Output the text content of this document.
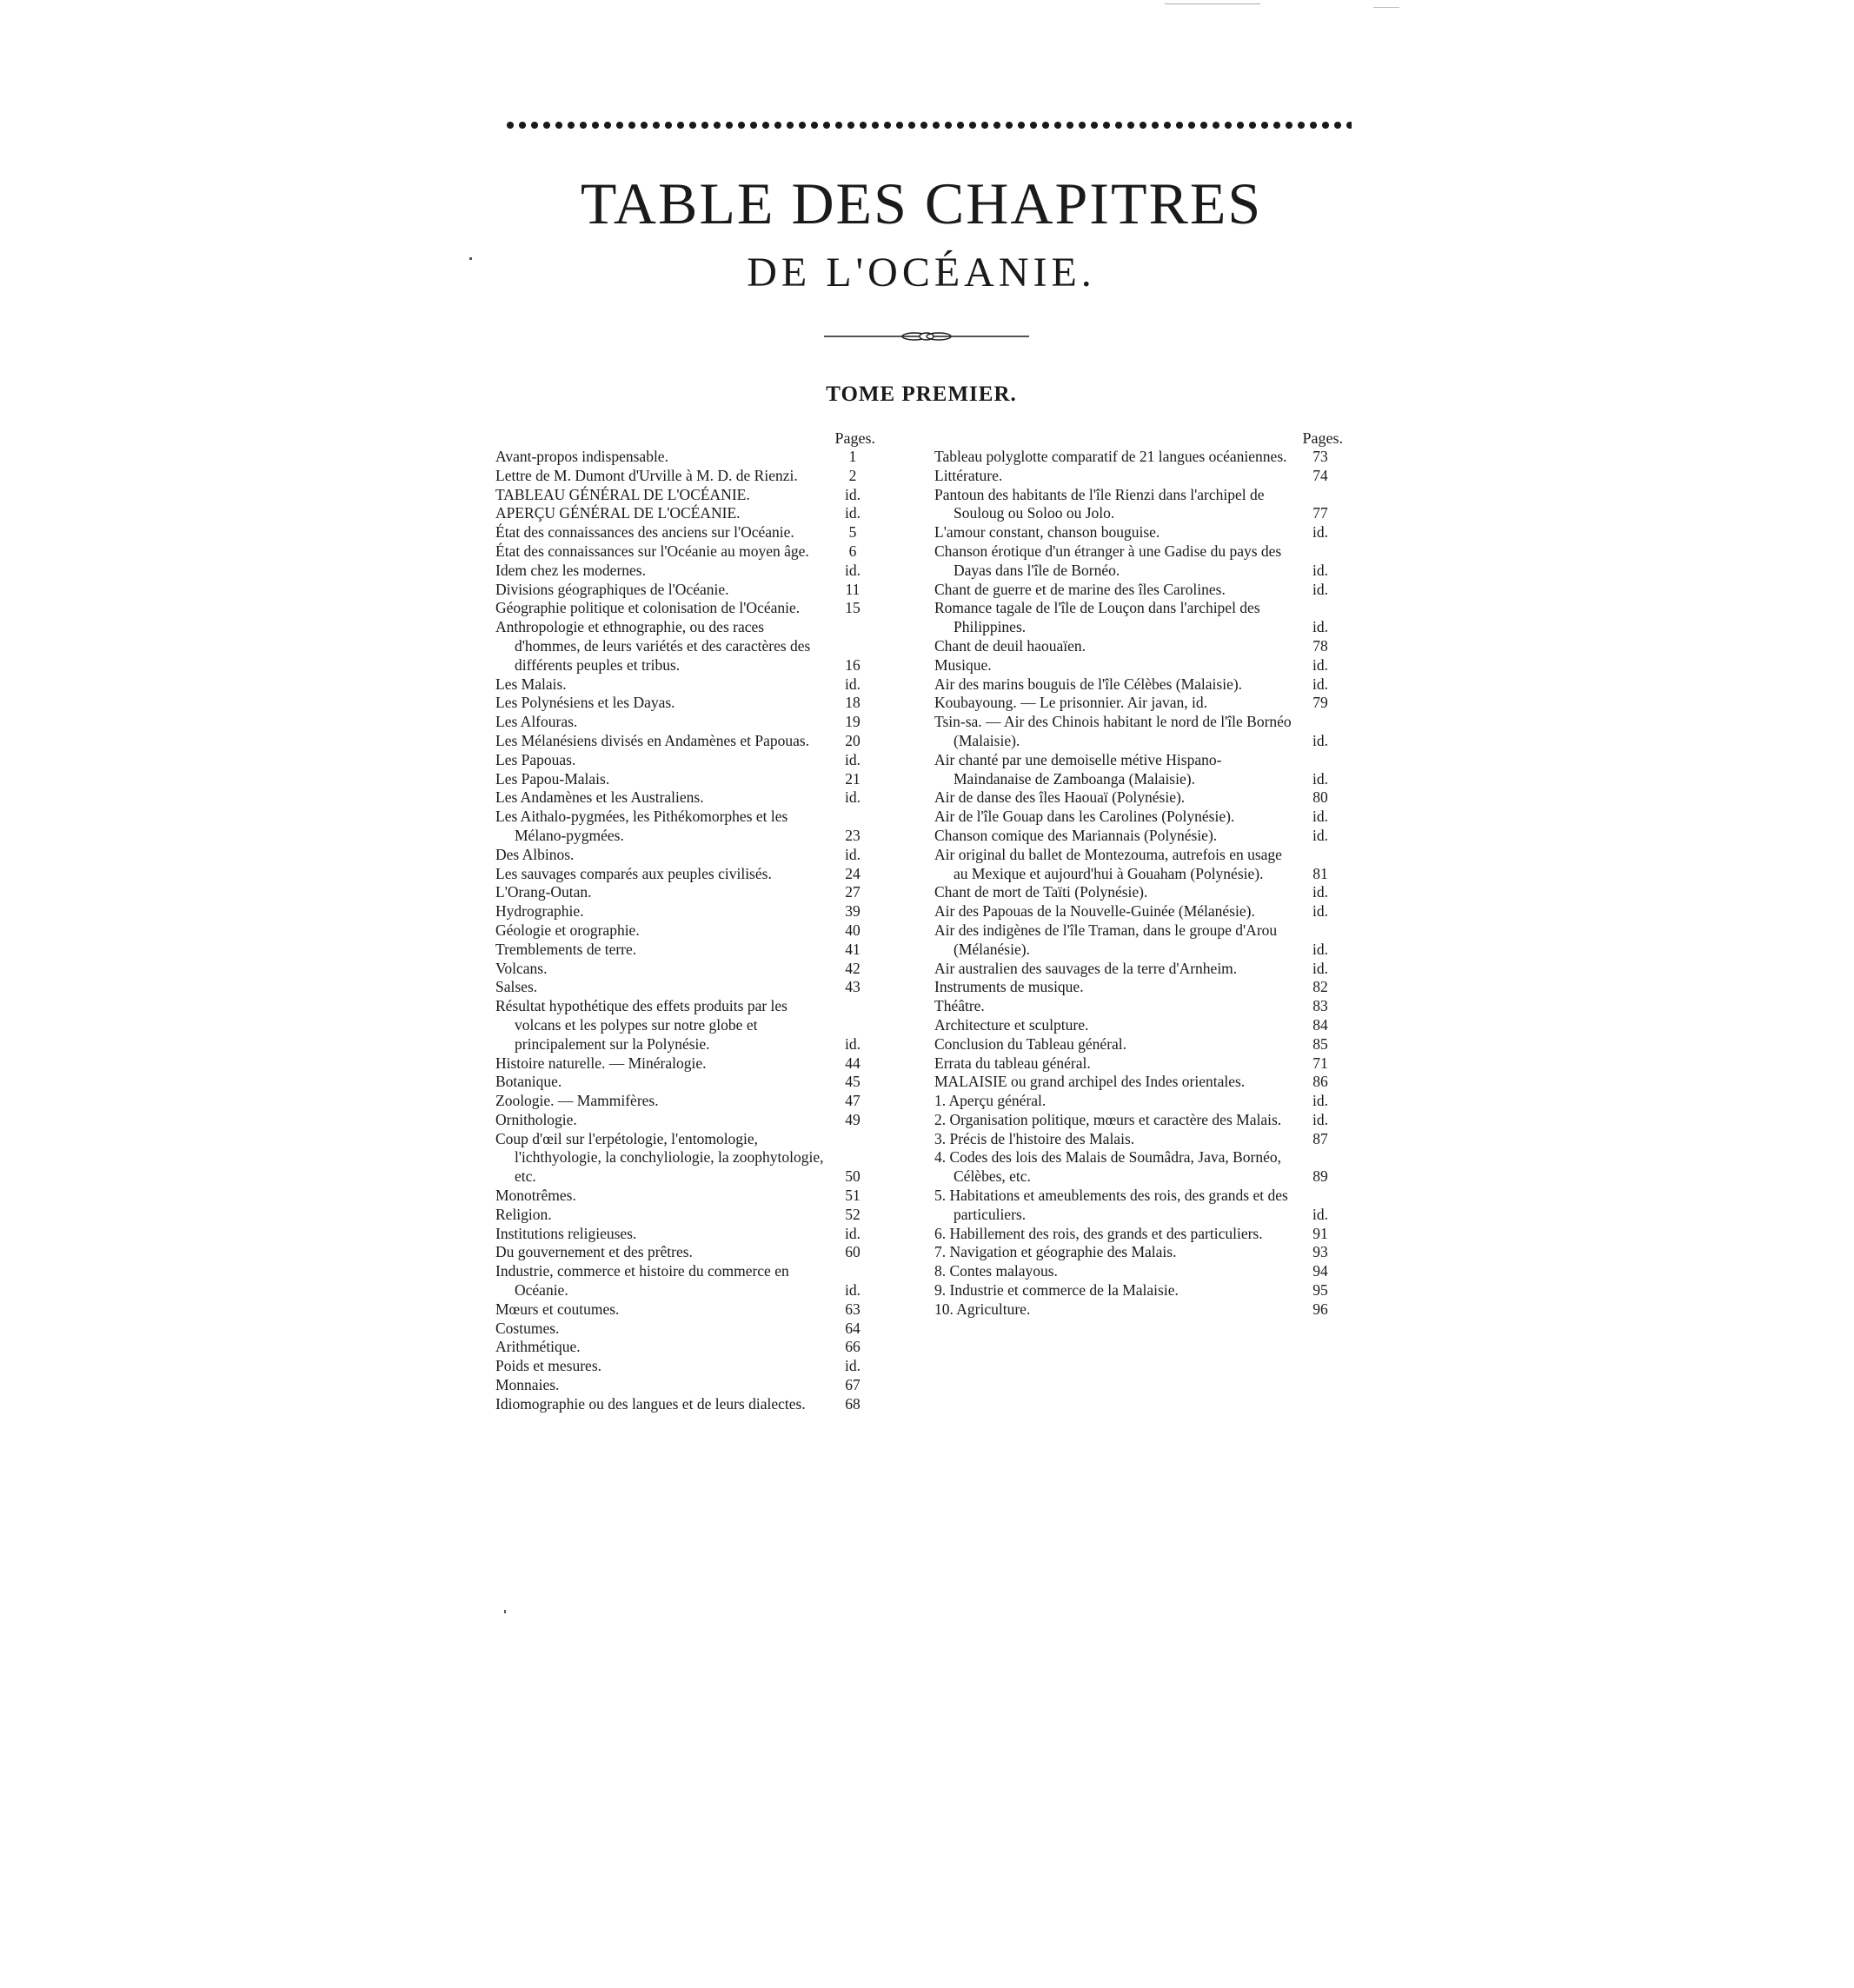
TABLE DES CHAPITRES
DE L'OCÉANIE.
TOME PREMIER.
Pages.
Avant-propos indispensable.	1
Lettre de M. Dumont d'Urville à M. D. de Rienzi.	2
TABLEAU GÉNÉRAL DE L'OCÉANIE.	id.
APERÇU GÉNÉRAL DE L'OCÉANIE.	id.
État des connaissances des anciens sur l'Océanie.	5
État des connaissances sur l'Océanie au moyen âge.	6
Idem chez les modernes.	id.
Divisions géographiques de l'Océanie.	11
Géographie politique et colonisation de l'Océanie.	15
Anthropologie et ethnographie, ou des races d'hommes, de leurs variétés et des caractères des différents peuples et tribus.	16
Les Malais.	id.
Les Polynésiens et les Dayas.	18
Les Alfouras.	19
Les Mélanésiens divisés en Andamènes et Papouas.	20
Les Papouas.	id.
Les Papou-Malais.	21
Les Andamènes et les Australiens.	id.
Les Aithalo-pygmées, les Pithékomorphes et les Mélano-pygmées.	23
Des Albinos.	id.
Les sauvages comparés aux peuples civilisés.	24
L'Orang-Outan.	27
Hydrographie.	39
Géologie et orographie.	40
Tremblements de terre.	41
Volcans.	42
Salses.	43
Résultat hypothétique des effets produits par les volcans et les polypes sur notre globe et principalement sur la Polynésie.	id.
Histoire naturelle. — Minéralogie.	44
Botanique.	45
Zoologie. — Mammifères.	47
Ornithologie.	49
Coup d'œil sur l'erpétologie, l'entomologie, l'ichthyologie, la conchyliologie, la zoophytologie, etc.	50
Monotrêmes.	51
Religion.	52
Institutions religieuses.	id.
Du gouvernement et des prêtres.	60
Industrie, commerce et histoire du commerce en Océanie.	id.
Mœurs et coutumes.	63
Costumes.	64
Arithmétique.	66
Poids et mesures.	id.
Monnaies.	67
Idiomographie ou des langues et de leurs dialectes.	68
Pages.
Tableau polyglotte comparatif de 21 langues océaniennes.	73
Littérature.	74
Pantoun des habitants de l'île Rienzi dans l'archipel de Souloug ou Soloo ou Jolo.	77
L'amour constant, chanson bouguise.	id.
Chanson érotique d'un étranger à une Gadise du pays des Dayas dans l'île de Bornéo.	id.
Chant de guerre et de marine des îles Carolines.	id.
Romance tagale de l'île de Louçon dans l'archipel des Philippines.	id.
Chant de deuil haouaïen.	78
Musique.	id.
Air des marins bouguis de l'île Célèbes (Malaisie).	id.
Koubayoung. — Le prisonnier. Air javan, id.	79
Tsin-sa. — Air des Chinois habitant le nord de l'île Bornéo (Malaisie).	id.
Air chanté par une demoiselle métive Hispano-Maindanaise de Zamboanga (Malaisie).	id.
Air de danse des îles Haouaï (Polynésie).	80
Air de l'île Gouap dans les Carolines (Polynésie).	id.
Chanson comique des Mariannais (Polynésie).	id.
Air original du ballet de Montezouma, autrefois en usage au Mexique et aujourd'hui à Gouaham (Polynésie).	81
Chant de mort de Taïti (Polynésie).	id.
Air des Papouas de la Nouvelle-Guinée (Mélanésie).	id.
Air des indigènes de l'île Traman, dans le groupe d'Arou (Mélanésie).	id.
Air australien des sauvages de la terre d'Arnheim.	id.
Instruments de musique.	82
Théâtre.	83
Architecture et sculpture.	84
Conclusion du Tableau général.	85
Errata du tableau général.	71
MALAISIE ou grand archipel des Indes orientales.	86
1. Aperçu général.	id.
2. Organisation politique, mœurs et caractère des Malais.	id.
3. Précis de l'histoire des Malais.	87
4. Codes des lois des Malais de Soumâdra, Java, Bornéo, Célèbes, etc.	89
5. Habitations et ameublements des rois, des grands et des particuliers.	id.
6. Habillement des rois, des grands et des particuliers.	91
7. Navigation et géographie des Malais.	93
8. Contes malayous.	94
9. Industrie et commerce de la Malaisie.	95
10. Agriculture.	96
